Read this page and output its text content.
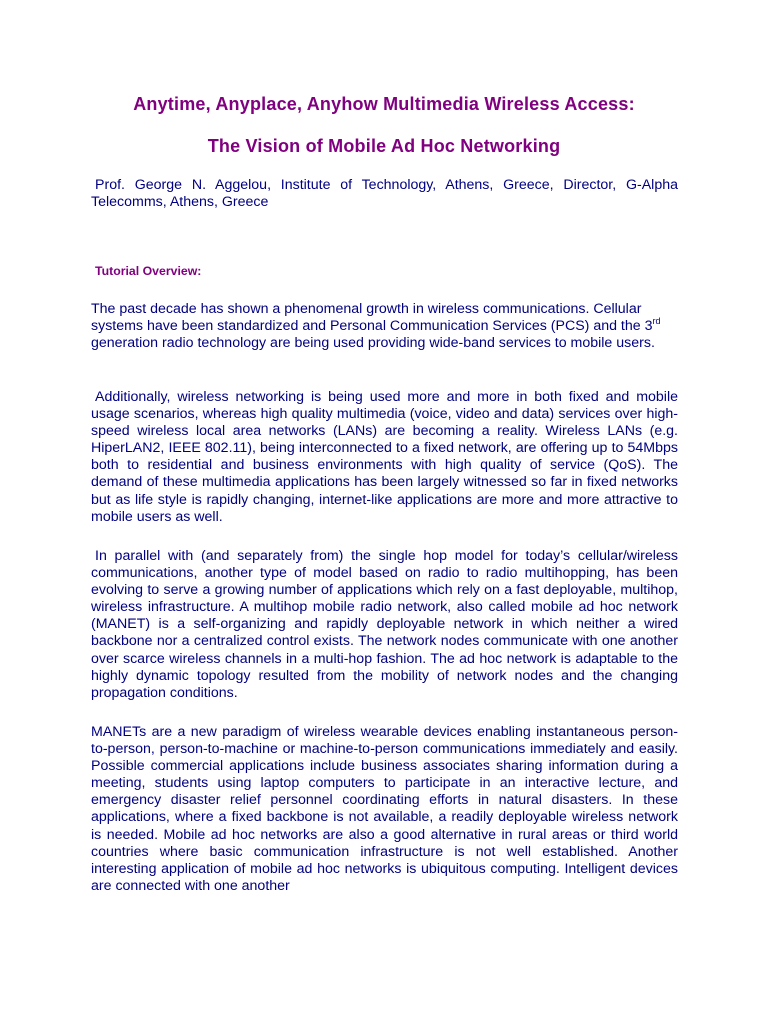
Anytime, Anyplace, Anyhow Multimedia Wireless Access:
The Vision of Mobile Ad Hoc Networking

Prof. George N. Aggelou, Institute of Technology, Athens, Greece, Director, G-Alpha Telecomms, Athens, Greece

Tutorial Overview:

The past decade has shown a phenomenal growth in wireless communications. Cellular systems have been standardized and Personal Communication Services (PCS) and the 3rd generation radio technology are being used providing wide-band services to mobile users.

Additionally, wireless networking is being used more and more in both fixed and mobile usage scenarios, whereas high quality multimedia (voice, video and data) services over high-speed wireless local area networks (LANs) are becoming a reality. Wireless LANs (e.g. HiperLAN2, IEEE 802.11), being interconnected to a fixed network, are offering up to 54Mbps both to residential and business environments with high quality of service (QoS). The demand of these multimedia applications has been largely witnessed so far in fixed networks but as life style is rapidly changing, internet-like applications are more and more attractive to mobile users as well.

In parallel with (and separately from) the single hop model for today’s cellular/wireless communications, another type of model based on radio to radio multihopping, has been evolving to serve a growing number of applications which rely on a fast deployable, multihop, wireless infrastructure. A multihop mobile radio network, also called mobile ad hoc network (MANET) is a self-organizing and rapidly deployable network in which neither a wired backbone nor a centralized control exists. The network nodes communicate with one another over scarce wireless channels in a multi-hop fashion. The ad hoc network is adaptable to the highly dynamic topology resulted from the mobility of network nodes and the changing propagation conditions.

MANETs are a new paradigm of wireless wearable devices enabling instantaneous person-to-person, person-to-machine or machine-to-person communications immediately and easily. Possible commercial applications include business associates sharing information during a meeting, students using laptop computers to participate in an interactive lecture, and emergency disaster relief personnel coordinating efforts in natural disasters. In these applications, where a fixed backbone is not available, a readily deployable wireless network is needed. Mobile ad hoc networks are also a good alternative in rural areas or third world countries where basic communication infrastructure is not well established. Another interesting application of mobile ad hoc networks is ubiquitous computing. Intelligent devices are connected with one another
